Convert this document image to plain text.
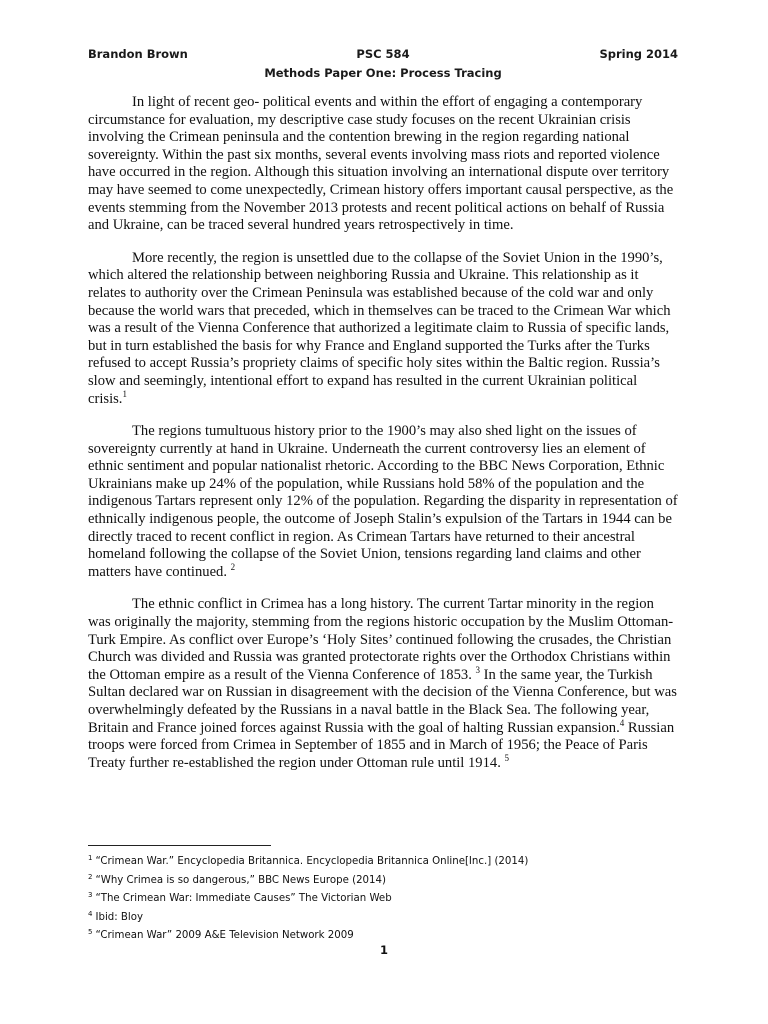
Brandon Brown	PSC 584	Spring 2014
Methods Paper One: Process Tracing

In light of recent geo- political events and within the effort of engaging a contemporary circumstance for evaluation, my descriptive case study focuses on the recent Ukrainian crisis involving the Crimean peninsula and the contention brewing in the region regarding national sovereignty. Within the past six months, several events involving mass riots and reported violence have occurred in the region. Although this situation involving an international dispute over territory may have seemed to come unexpectedly, Crimean history offers important causal perspective, as the events stemming from the November 2013 protests and recent political actions on behalf of Russia and Ukraine, can be traced several hundred years retrospectively in time.

More recently, the region is unsettled due to the collapse of the Soviet Union in the 1990’s, which altered the relationship between neighboring Russia and Ukraine. This relationship as it relates to authority over the Crimean Peninsula was established because of the cold war and only because the world wars that preceded, which in themselves can be traced to the Crimean War which was a result of the Vienna Conference that authorized a legitimate claim to Russia of specific lands, but in turn established the basis for why France and England supported the Turks after the Turks refused to accept Russia’s propriety claims of specific holy sites within the Baltic region. Russia’s slow and seemingly, intentional effort to expand has resulted in the current Ukrainian political crisis.$^1$

The regions tumultuous history prior to the 1900’s may also shed light on the issues of sovereignty currently at hand in Ukraine. Underneath the current controversy lies an element of ethnic sentiment and popular nationalist rhetoric. According to the BBC News Corporation, Ethnic Ukrainians make up 24% of the population, while Russians hold 58% of the population and the indigenous Tartars represent only 12% of the population. Regarding the disparity in representation of ethnically indigenous people, the outcome of Joseph Stalin’s expulsion of the Tartars in 1944 can be directly traced to recent conflict in region. As Crimean Tartars have returned to their ancestral homeland following the collapse of the Soviet Union, tensions regarding land claims and other matters have continued. $^2$

The ethnic conflict in Crimea has a long history. The current Tartar minority in the region was originally the majority, stemming from the regions historic occupation by the Muslim Ottoman-Turk Empire. As conflict over Europe’s ‘Holy Sites’ continued following the crusades, the Christian Church was divided and Russia was granted protectorate rights over the Orthodox Christians within the Ottoman empire as a result of the Vienna Conference of 1853. $^3$ In the same year, the Turkish Sultan declared war on Russian in disagreement with the decision of the Vienna Conference, but was overwhelmingly defeated by the Russians in a naval battle in the Black Sea. The following year, Britain and France joined forces against Russia with the goal of halting Russian expansion.$^4$ Russian troops were forced from Crimea in September of 1855 and in March of 1956; the Peace of Paris Treaty further re-established the region under Ottoman rule until 1914. $^5$

$^1$ “Crimean War.” Encyclopedia Britannica. Encyclopedia Britannica Online[Inc.] (2014)
$^2$ “Why Crimea is so dangerous,” BBC News Europe (2014)
$^3$ “The Crimean War: Immediate Causes” The Victorian Web
$^4$ Ibid: Bloy
$^5$ “Crimean War” 2009 A&E Television Network 2009
1
